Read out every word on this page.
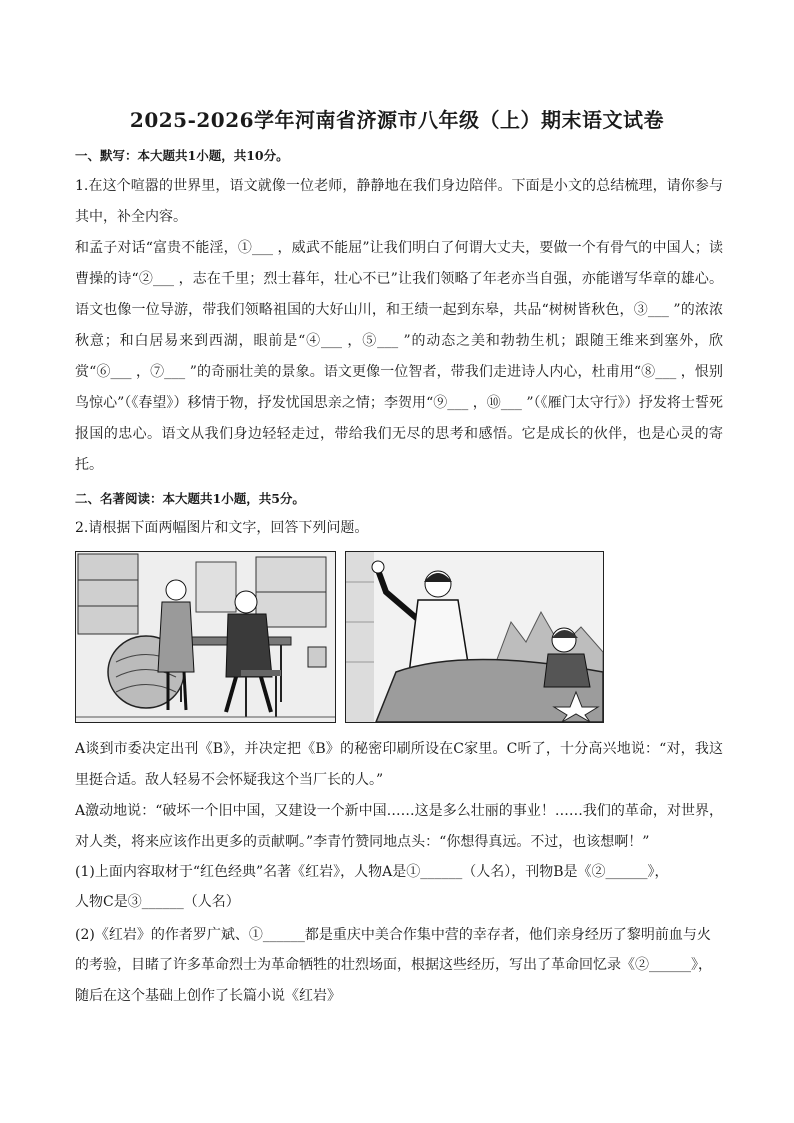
2025-2026学年河南省济源市八年级（上）期末语文试卷
一、默写：本大题共1小题，共10分。

1.在这个喧嚣的世界里，语文就像一位老师，静静地在我们身边陪伴。下面是小文的总结梳理，请你参与其中，补全内容。

和孟子对话“富贵不能淫，①___ ，威武不能屈”让我们明白了何谓大丈夫，要做一个有骨气的中国人；读曹操的诗“②___ ，志在千里；烈士暮年，壮心不已”让我们领略了年老亦当自强，亦能谱写华章的雄心。语文也像一位导游，带我们领略祖国的大好山川，和王绩一起到东皋，共品“树树皆秋色，③___ ”的浓浓秋意；和白居易来到西湖，眼前是“④___ ，⑤___ ”的动态之美和勃勃生机；跟随王维来到塞外，欣赏“⑥___ ，⑦___ ”的奇丽壮美的景象。语文更像一位智者，带我们走进诗人内心，杜甫用“⑧___ ，恨别鸟惊心”（《春望》）移情于物，抒发忧国思亲之情；李贺用“⑨___ ，⑩___ ”（《雁门太守行》）抒发将士誓死报国的忠心。语文从我们身边轻轻走过，带给我们无尽的思考和感悟。它是成长的伙伴，也是心灵的寄托。

二、名著阅读：本大题共1小题，共5分。

2.请根据下面两幅图片和文字，回答下列问题。

A谈到市委决定出刊《B》，并决定把《B》的秘密印刷所设在C家里。C听了，十分高兴地说：“对，我这里挺合适。敌人轻易不会怀疑我这个当厂长的人。”

A激动地说：“破坏一个旧中国，又建设一个新中国……这是多么壮丽的事业！……我们的革命，对世界，对人类，将来应该作出更多的贡献啊。”李青竹赞同地点头：“你想得真远。不过，也该想啊！”

(1)上面内容取材于“红色经典”名著《红岩》，人物A是①______（人名），刊物B是《②______》，

人物C是③______（人名）

(2)《红岩》的作者罗广斌、①______都是重庆中美合作集中营的幸存者，他们亲身经历了黎明前血与火

的考验，目睹了许多革命烈士为革命牺牲的壮烈场面，根据这些经历，写出了革命回忆录《②______》，

随后在这个基础上创作了长篇小说《红岩》
